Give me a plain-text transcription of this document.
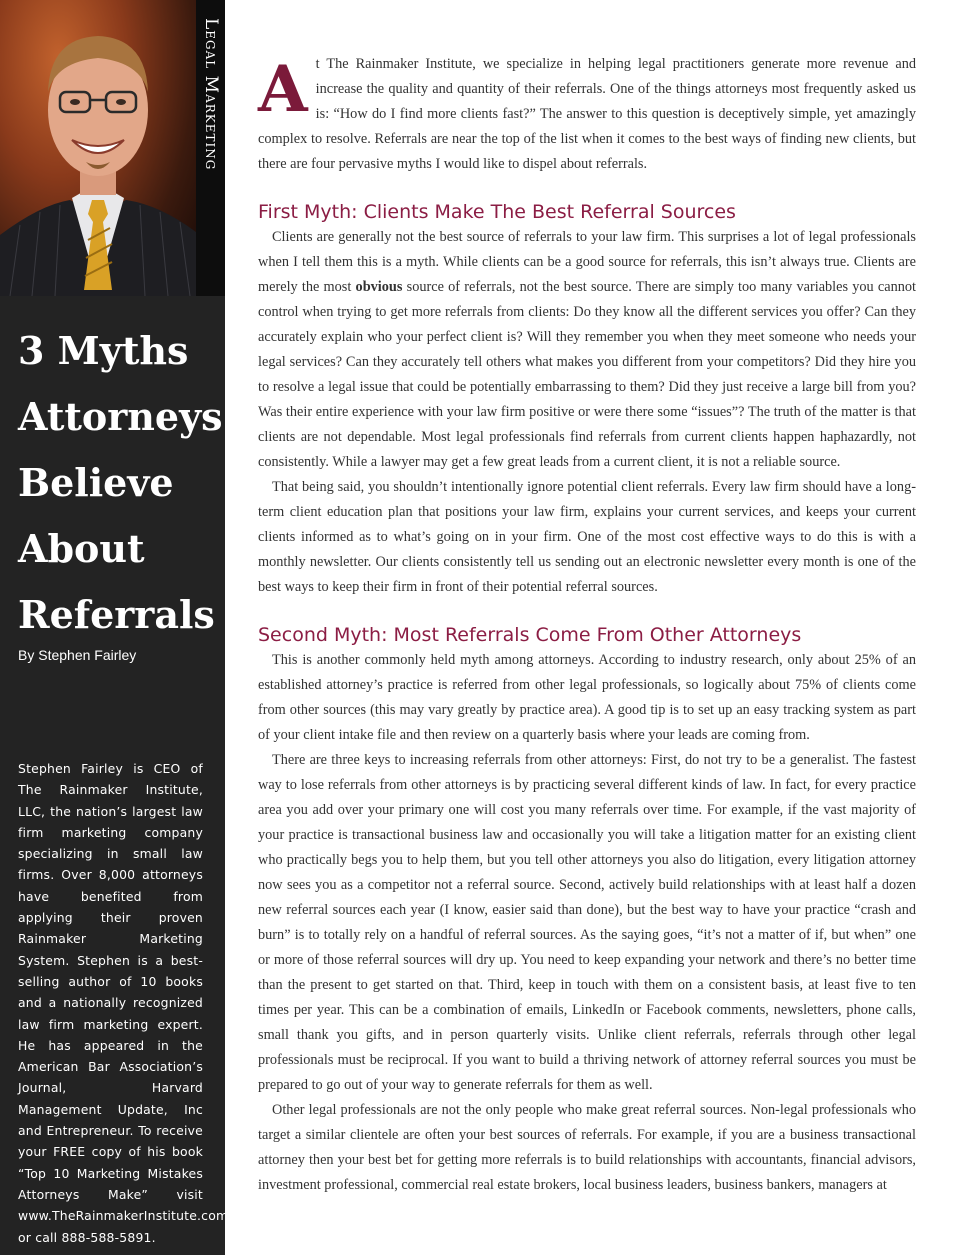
Legal Marketing
3 Myths
Attorneys
Believe
About
Referrals
By Stephen Fairley

Stephen Fairley is CEO of The Rainmaker Institute, LLC, the nation’s largest law firm marketing company specializing in small law firms. Over 8,000 attorneys have benefited from applying their proven Rainmaker Marketing System. Stephen is a best-selling author of 10 books and a nationally recognized law firm marketing expert. He has appeared in the American Bar Association’s Journal, Harvard Management Update, Inc and Entrepreneur. To receive your FREE copy of his book “Top 10 Marketing Mistakes Attorneys Make” visit www.TheRainmakerInstitute.com or call 888-588-5891.

A t The Rainmaker Institute, we specialize in helping legal practitioners generate more revenue and increase the quality and quantity of their referrals. One of the things attorneys most frequently asked us is: “How do I find more clients fast?” The answer to this question is deceptively simple, yet amazingly complex to resolve. Referrals are near the top of the list when it comes to the best ways of finding new clients, but there are four pervasive myths I would like to dispel about referrals.

First Myth: Clients Make The Best Referral Sources

Clients are generally not the best source of referrals to your law firm. This surprises a lot of legal professionals when I tell them this is a myth. While clients can be a good source for referrals, this isn’t always true. Clients are merely the most obvious source of referrals, not the best source. There are simply too many variables you cannot control when trying to get more referrals from clients: Do they know all the different services you offer? Can they accurately explain who your perfect client is? Will they remember you when they meet someone who needs your legal services? Can they accurately tell others what makes you different from your competitors? Did they hire you to resolve a legal issue that could be potentially embarrassing to them? Did they just receive a large bill from you? Was their entire experience with your law firm positive or were there some “issues”? The truth of the matter is that clients are not dependable. Most legal professionals find referrals from current clients happen haphazardly, not consistently. While a lawyer may get a few great leads from a current client, it is not a reliable source.

That being said, you shouldn’t intentionally ignore potential client referrals. Every law firm should have a long-term client education plan that positions your law firm, explains your current services, and keeps your current clients informed as to what’s going on in your firm. One of the most cost effective ways to do this is with a monthly newsletter. Our clients consistently tell us sending out an electronic newsletter every month is one of the best ways to keep their firm in front of their potential referral sources.

Second Myth: Most Referrals Come From Other Attorneys

This is another commonly held myth among attorneys. According to industry research, only about 25% of an established attorney’s practice is referred from other legal professionals, so logically about 75% of clients come from other sources (this may vary greatly by practice area). A good tip is to set up an easy tracking system as part of your client intake file and then review on a quarterly basis where your leads are coming from.

There are three keys to increasing referrals from other attorneys: First, do not try to be a generalist. The fastest way to lose referrals from other attorneys is by practicing several different kinds of law. In fact, for every practice area you add over your primary one will cost you many referrals over time. For example, if the vast majority of your practice is transactional business law and occasionally you will take a litigation matter for an existing client who practically begs you to help them, but you tell other attorneys you also do litigation, every litigation attorney now sees you as a competitor not a referral source. Second, actively build relationships with at least half a dozen new referral sources each year (I know, easier said than done), but the best way to have your practice “crash and burn” is to totally rely on a handful of referral sources. As the saying goes, “it’s not a matter of if, but when” one or more of those referral sources will dry up. You need to keep expanding your network and there’s no better time than the present to get started on that. Third, keep in touch with them on a consistent basis, at least five to ten times per year. This can be a combination of emails, LinkedIn or Facebook comments, newsletters, phone calls, small thank you gifts, and in person quarterly visits. Unlike client referrals, referrals through other legal professionals must be reciprocal. If you want to build a thriving network of attorney referral sources you must be prepared to go out of your way to generate referrals for them as well.

Other legal professionals are not the only people who make great referral sources. Non-legal professionals who target a similar clientele are often your best sources of referrals. For example, if you are a business transactional attorney then your best bet for getting more referrals is to build relationships with accountants, financial advisors, investment professional, commercial real estate brokers, local business leaders, business bankers, managers at
